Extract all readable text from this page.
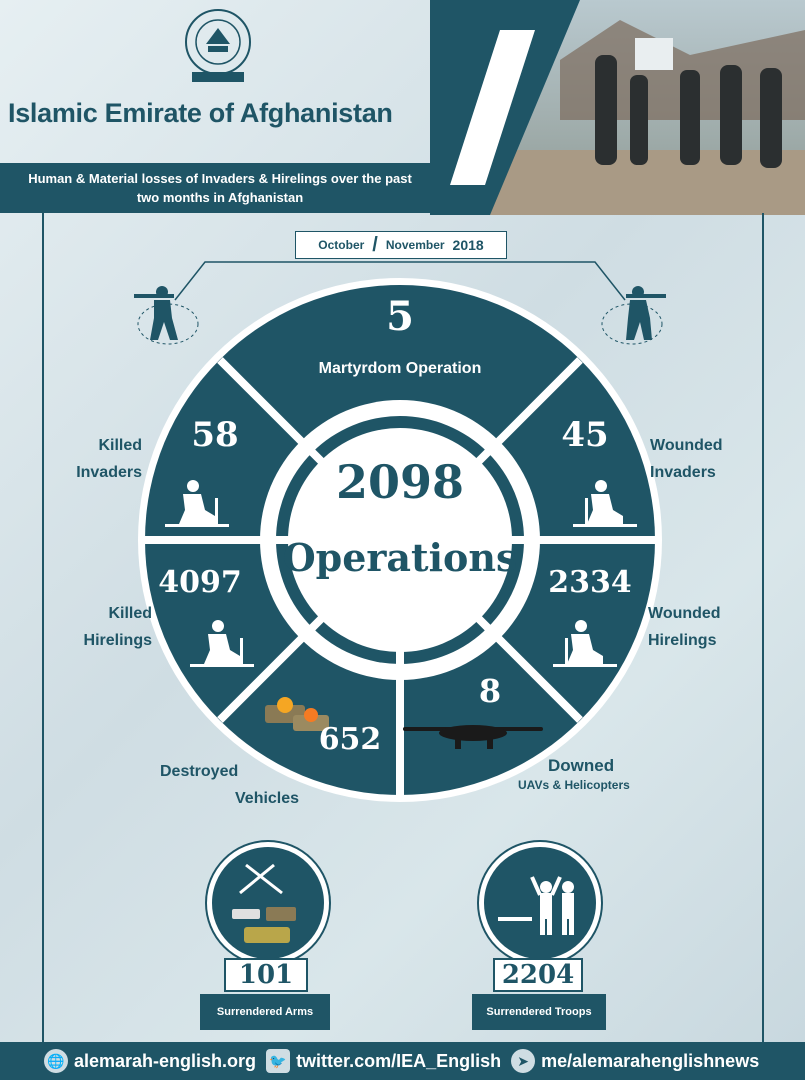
Islamic Emirate of Afghanistan
Human & Material losses of Invaders & Hirelings over the past
two months in Afghanistan
October / November 2018
5
Martyrdom Operation
58	45
4097	2334
652
8
2098
Operations
Killed
Invaders
Wounded
Invaders
Killed
Hirelings
Wounded
Hirelings
Destroyed
Vehicles
Downed
UAVs & Helicopters
101
Surrendered Arms
2204
Surrendered Troops
🌐 alemarah-english.org 🐦 twitter.com/IEA_English	➤ me/alemarahenglishnews
